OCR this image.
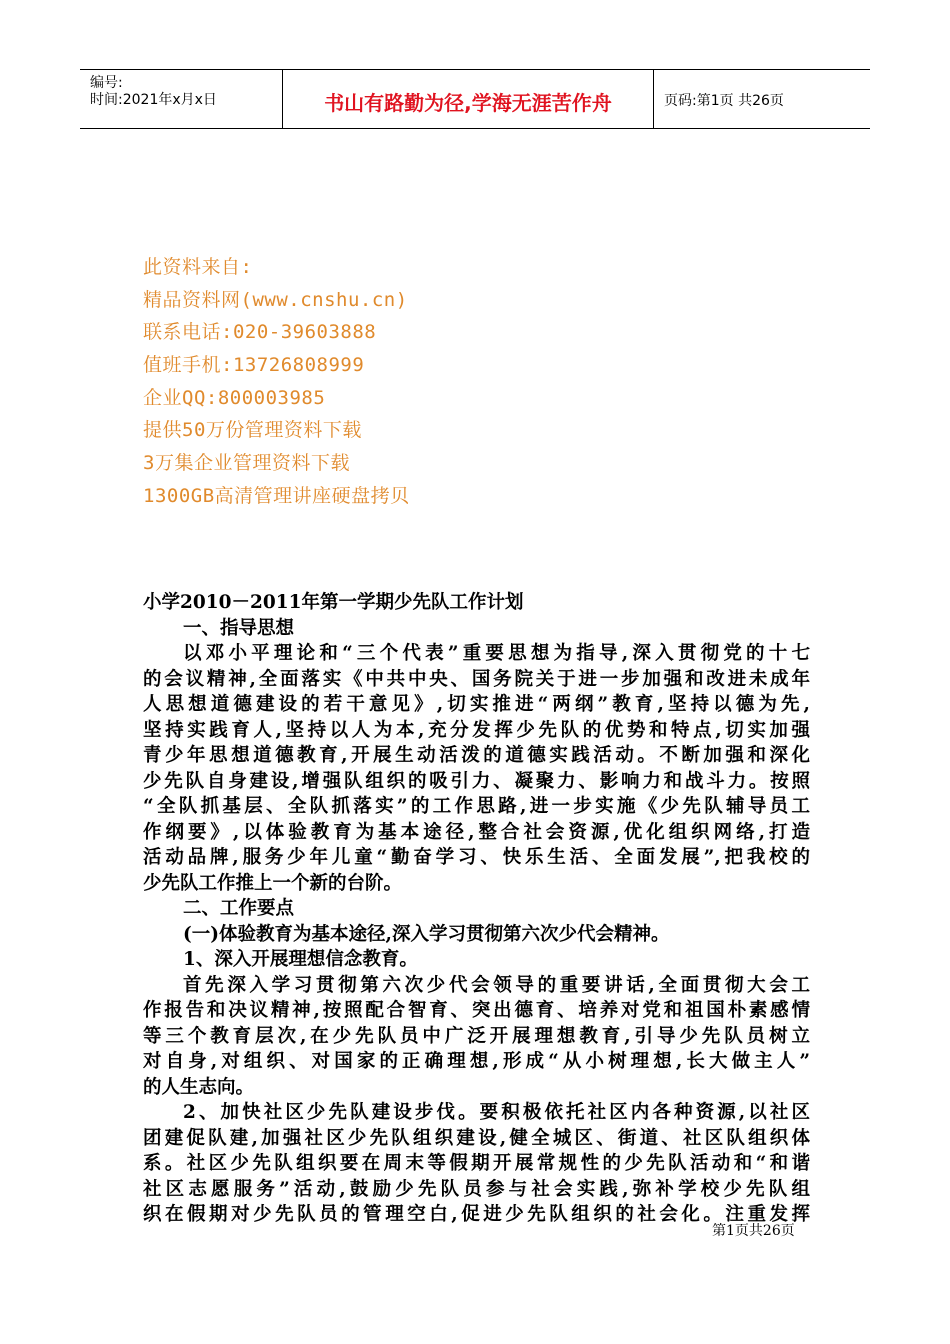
编号:
时间:2021年x月x日	书山有路勤为径,学海无涯苦作舟	页码:第1页 共26页
此资料来自:
精品资料网(www.cnshu.cn)
联系电话:020-39603888
值班手机:13726808999
企业QQ:800003985
提供50万份管理资料下载
3万集企业管理资料下载
1300GB高清管理讲座硬盘拷贝
小学2010－2011年第一学期少先队工作计划
一、指导思想
以邓小平理论和“三个代表”重要思想为指导,深入贯彻党的十七
的会议精神,全面落实《中共中央、国务院关于进一步加强和改进未成年
人思想道德建设的若干意见》,切实推进“两纲”教育,坚持以德为先,
坚持实践育人,坚持以人为本,充分发挥少先队的优势和特点,切实加强
青少年思想道德教育,开展生动活泼的道德实践活动。不断加强和深化
少先队自身建设,增强队组织的吸引力、凝聚力、影响力和战斗力。按照
“全队抓基层、全队抓落实”的工作思路,进一步实施《少先队辅导员工
作纲要》,以体验教育为基本途径,整合社会资源,优化组织网络,打造
活动品牌,服务少年儿童“勤奋学习、快乐生活、全面发展”,把我校的
少先队工作推上一个新的台阶。
二、工作要点
(一)体验教育为基本途径,深入学习贯彻第六次少代会精神。
1、深入开展理想信念教育。
首先深入学习贯彻第六次少代会领导的重要讲话,全面贯彻大会工
作报告和决议精神,按照配合智育、突出德育、培养对党和祖国朴素感情
等三个教育层次,在少先队员中广泛开展理想教育,引导少先队员树立
对自身,对组织、对国家的正确理想,形成“从小树理想,长大做主人”
的人生志向。
2、加快社区少先队建设步伐。要积极依托社区内各种资源,以社区
团建促队建,加强社区少先队组织建设,健全城区、街道、社区队组织体
系。社区少先队组织要在周末等假期开展常规性的少先队活动和“和谐
社区志愿服务”活动,鼓励少先队员参与社会实践,弥补学校少先队组
织在假期对少先队员的管理空白,促进少先队组织的社会化。注重发挥
第1页共26页
